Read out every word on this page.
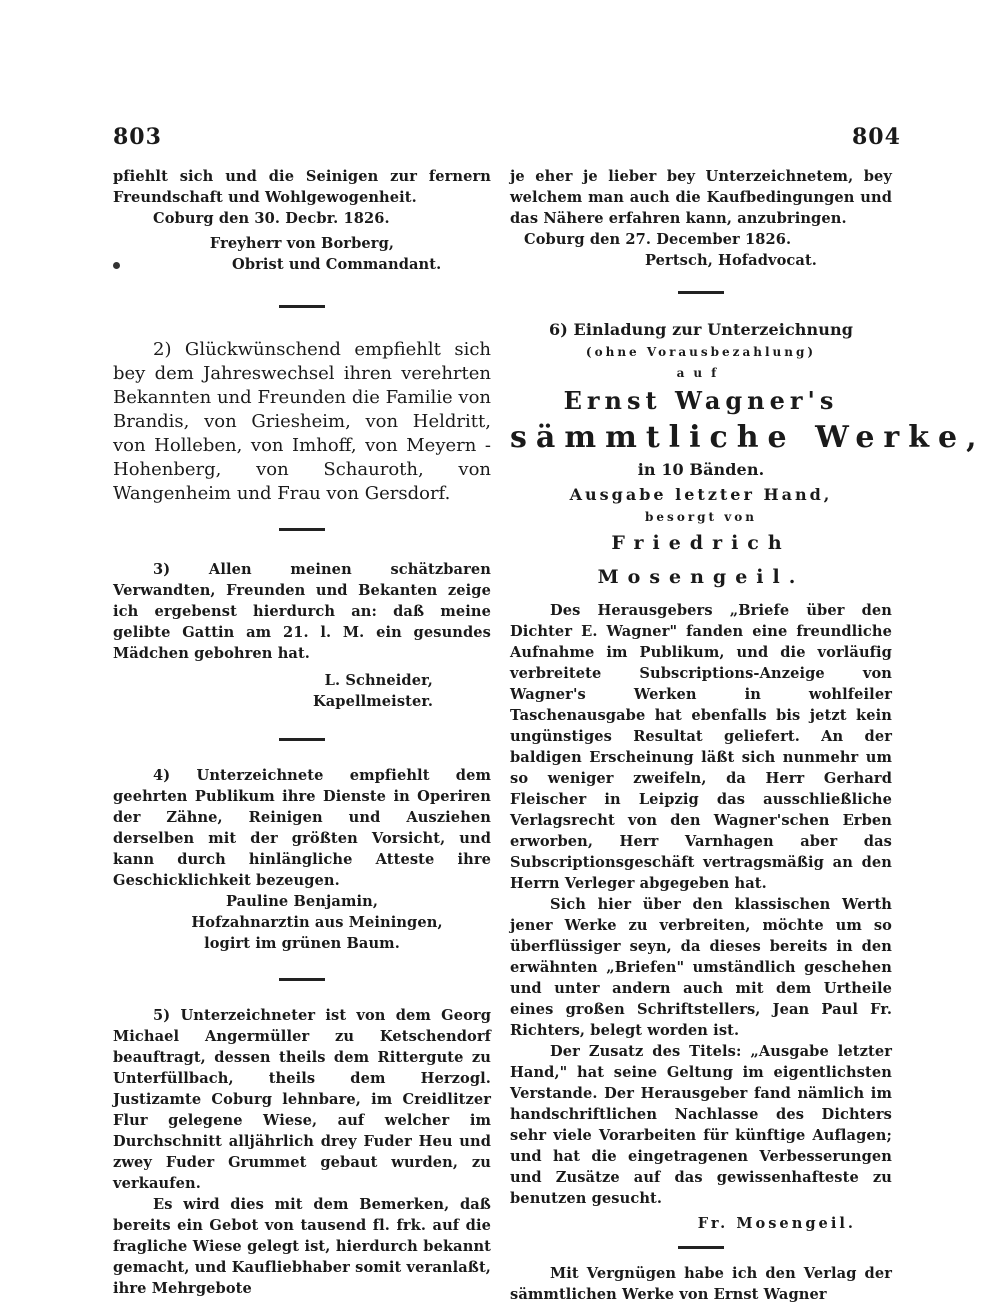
803	804

pfiehlt sich und die Seinigen zur fernern Freundschaft und Wohlgewogenheit.

Coburg den 30. Decbr. 1826.

Freyherr von Borberg,

Obrist und Commandant.

2) Glückwünschend empfiehlt sich bey dem Jahreswechsel ihren verehrten Bekannten und Freunden die Familie von Brandis, von Griesheim, von Heldritt, von Holleben, von Imhoff, von Meyern - Hohenberg, von Schauroth, von Wangenheim und Frau von Gersdorf.

3) Allen meinen schätzbaren Verwandten, Freunden und Bekanten zeige ich ergebenst hierdurch an: daß meine gelibte Gattin am 21. l. M. ein gesundes Mädchen gebohren hat.

L. Schneider,

Kapellmeister.

4) Unterzeichnete empfiehlt dem geehrten Publikum ihre Dienste in Operiren der Zähne, Reinigen und Ausziehen derselben mit der größten Vorsicht, und kann durch hinlängliche Atteste ihre Geschicklichkeit bezeugen.

Pauline Benjamin,

Hofzahnarztin aus Meiningen,

logirt im grünen Baum.

5) Unterzeichneter ist von dem Georg Michael Angermüller zu Ketschendorf beauftragt, dessen theils dem Rittergute zu Unterfüllbach, theils dem Herzogl. Justizamte Coburg lehnbare, im Creidlitzer Flur gelegene Wiese, auf welcher im Durchschnitt alljährlich drey Fuder Heu und zwey Fuder Grummet gebaut wurden, zu verkaufen.

Es wird dies mit dem Bemerken, daß bereits ein Gebot von tausend fl. frk. auf die fragliche Wiese gelegt ist, hierdurch bekannt gemacht, und Kaufliebhaber somit veranlaßt, ihre Mehrgebote

je eher je lieber bey Unterzeichnetem, bey welchem man auch die Kaufbedingungen und das Nähere erfahren kann, anzubringen.

Coburg den 27. December 1826.

Pertsch, Hofadvocat.

6) Einladung zur Unterzeichnung

(ohne Vorausbezahlung)

auf

Ernst Wagner's

sämmtliche Werke,

in 10 Bänden.

Ausgabe letzter Hand,

besorgt von

Friedrich Mosengeil.

Des Herausgebers „Briefe über den Dichter E. Wagner" fanden eine freundliche Aufnahme im Publikum, und die vorläufig verbreitete Subscriptions-Anzeige von Wagner's Werken in wohlfeiler Taschenausgabe hat ebenfalls bis jetzt kein ungünstiges Resultat geliefert. An der baldigen Erscheinung läßt sich nunmehr um so weniger zweifeln, da Herr Gerhard Fleischer in Leipzig das ausschließliche Verlagsrecht von den Wagner'schen Erben erworben, Herr Varnhagen aber das Subscriptionsgeschäft vertragsmäßig an den Herrn Verleger abgegeben hat.

Sich hier über den klassischen Werth jener Werke zu verbreiten, möchte um so überflüssiger seyn, da dieses bereits in den erwähnten „Briefen" umständlich geschehen und unter andern auch mit dem Urtheile eines großen Schriftstellers, Jean Paul Fr. Richters, belegt worden ist.

Der Zusatz des Titels: „Ausgabe letzter Hand," hat seine Geltung im eigentlichsten Verstande. Der Herausgeber fand nämlich im handschriftlichen Nachlasse des Dichters sehr viele Vorarbeiten für künftige Auflagen; und hat die eingetragenen Verbesserungen und Zusätze auf das gewissenhafteste zu benutzen gesucht.

Fr. Mosengeil.

Mit Vergnügen habe ich den Verlag der sämmtlichen Werke von Ernst Wagner
